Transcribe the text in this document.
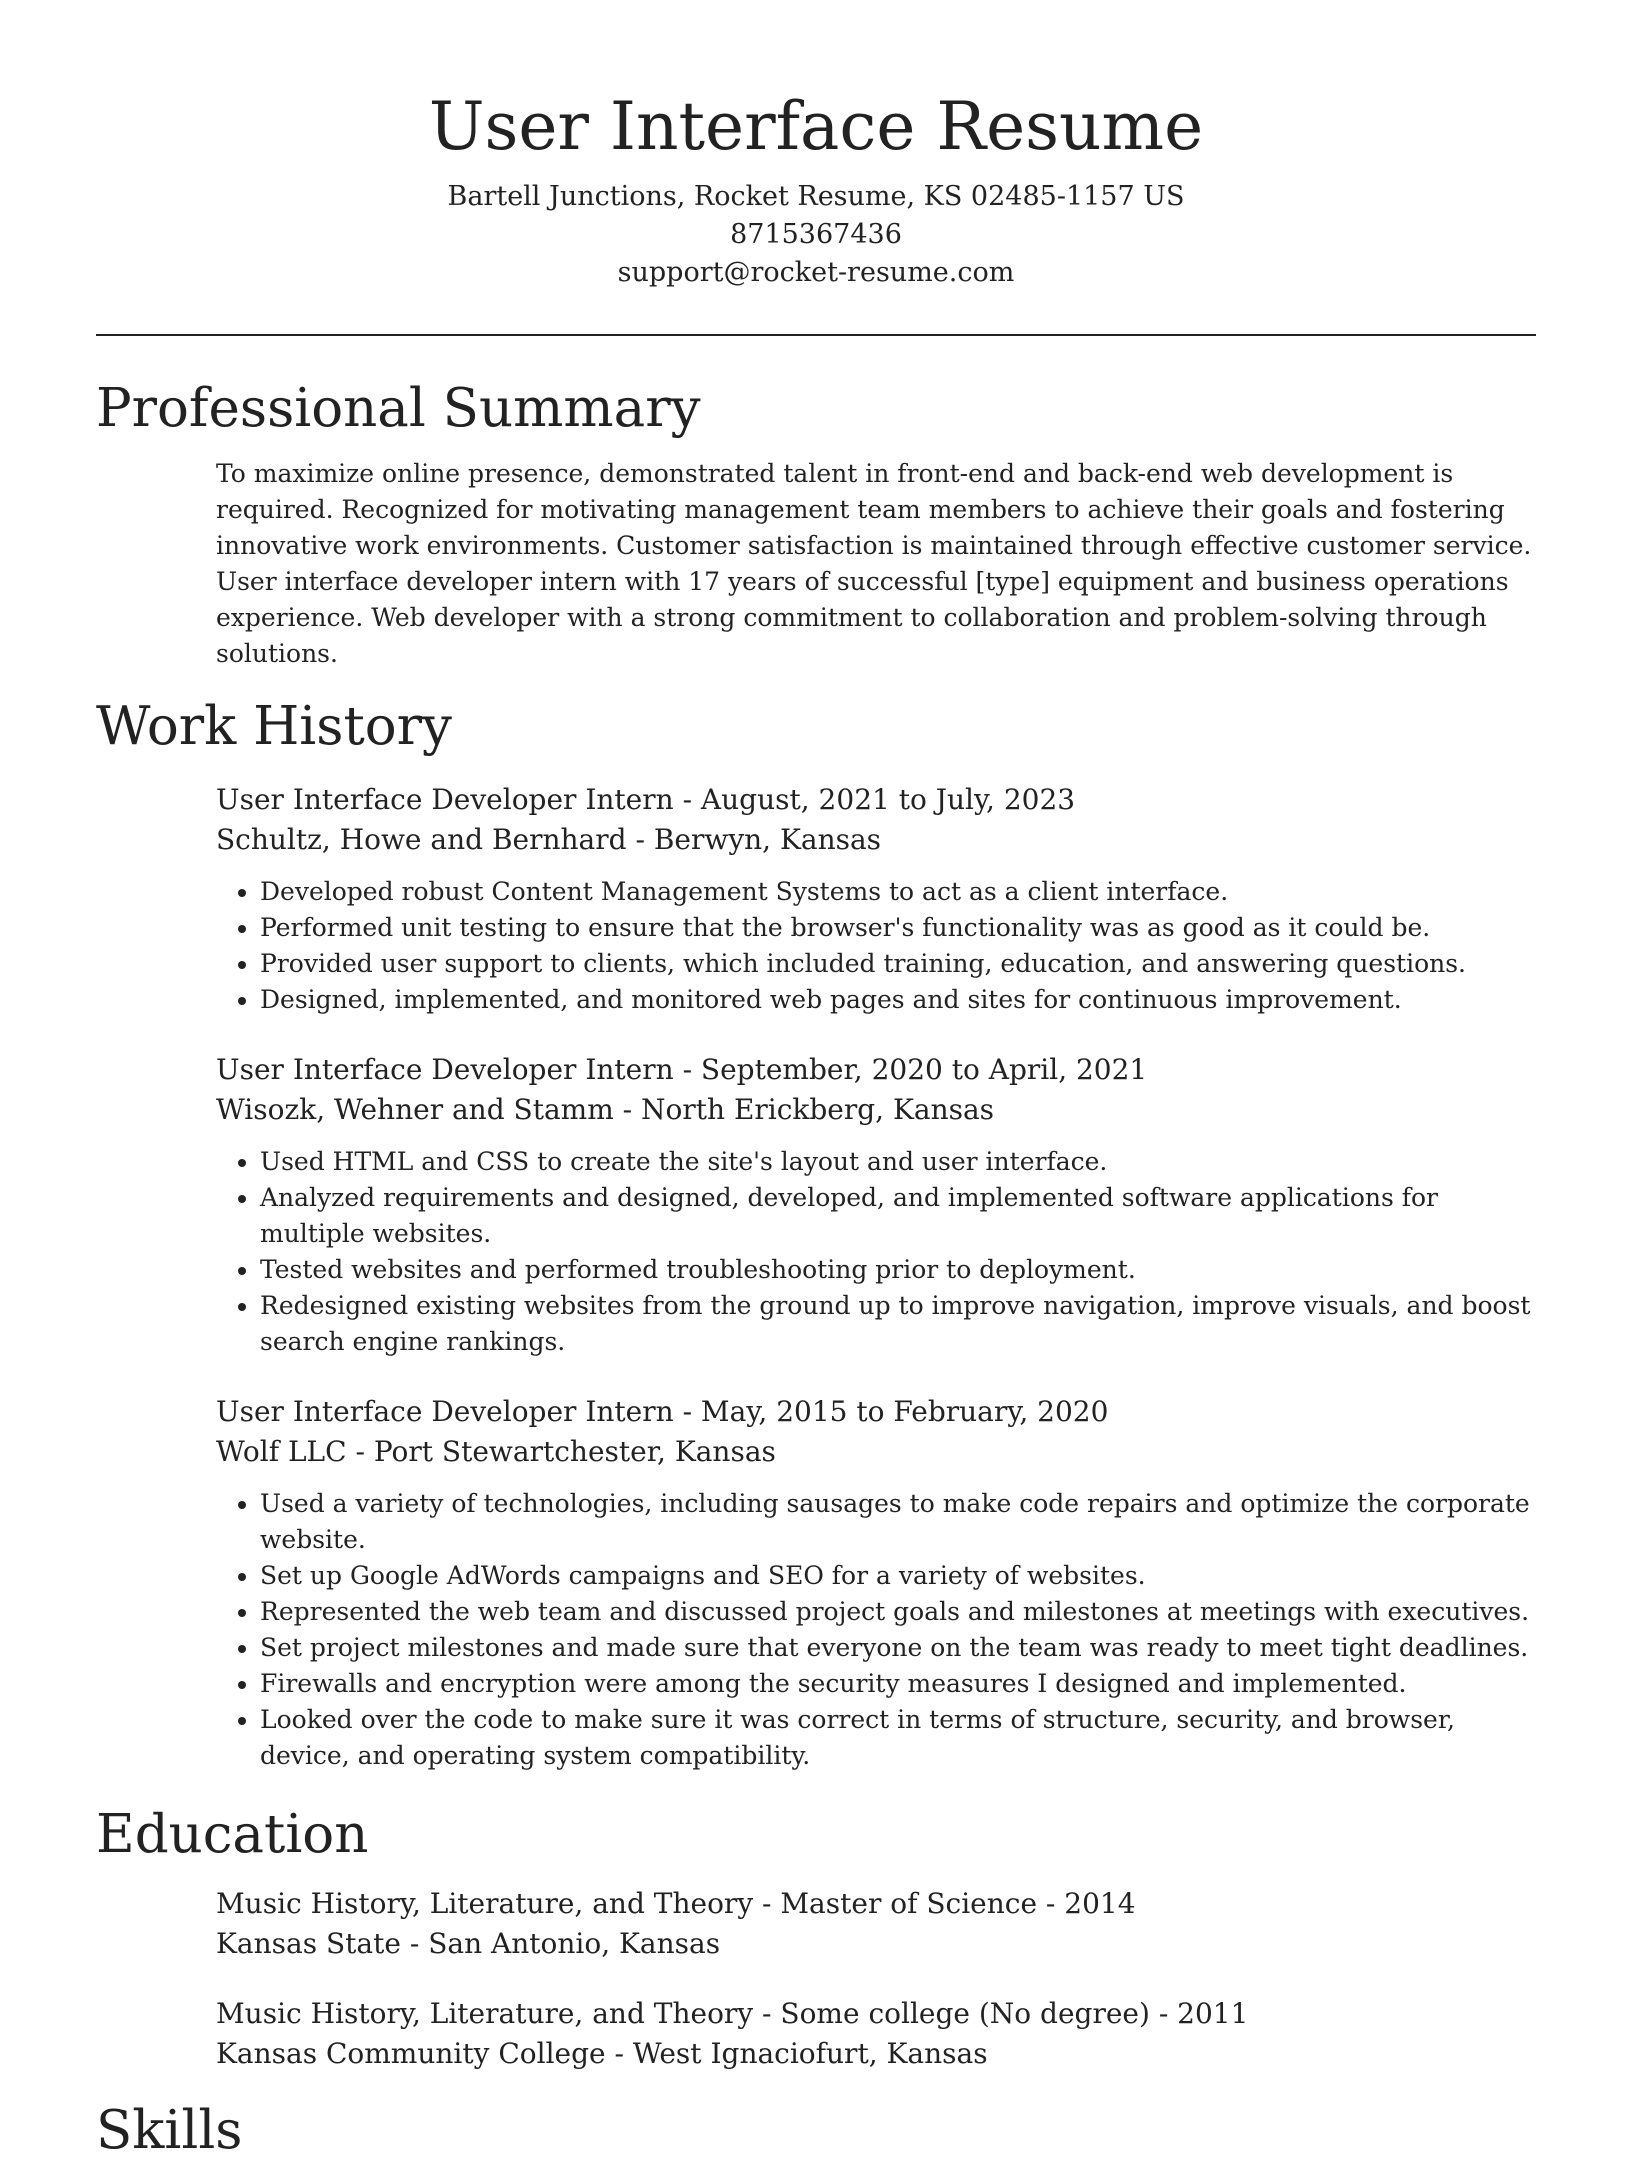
User Interface Resume

Bartell Junctions, Rocket Resume, KS 02485-1157 US

8715367436

support@rocket-resume.com

Professional Summary

To maximize online presence, demonstrated talent in front-end and back-end web development is required. Recognized for motivating management team members to achieve their goals and fostering innovative work environments. Customer satisfaction is maintained through effective customer service. User interface developer intern with 17 years of successful [type] equipment and business operations experience. Web developer with a strong commitment to collaboration and problem-solving through solutions.

Work History

User Interface Developer Intern - August, 2021 to July, 2023

Schultz, Howe and Bernhard - Berwyn, Kansas

• Developed robust Content Management Systems to act as a client interface.
• Performed unit testing to ensure that the browser's functionality was as good as it could be.
• Provided user support to clients, which included training, education, and answering questions.
• Designed, implemented, and monitored web pages and sites for continuous improvement.

User Interface Developer Intern - September, 2020 to April, 2021

Wisozk, Wehner and Stamm - North Erickberg, Kansas

• Used HTML and CSS to create the site's layout and user interface.
• Analyzed requirements and designed, developed, and implemented software applications for multiple websites.
• Tested websites and performed troubleshooting prior to deployment.
• Redesigned existing websites from the ground up to improve navigation, improve visuals, and boost search engine rankings.

User Interface Developer Intern - May, 2015 to February, 2020

Wolf LLC - Port Stewartchester, Kansas

• Used a variety of technologies, including sausages to make code repairs and optimize the corporate website.
• Set up Google AdWords campaigns and SEO for a variety of websites.
• Represented the web team and discussed project goals and milestones at meetings with executives.
• Set project milestones and made sure that everyone on the team was ready to meet tight deadlines.
• Firewalls and encryption were among the security measures I designed and implemented.
• Looked over the code to make sure it was correct in terms of structure, security, and browser, device, and operating system compatibility.
Education

Music History, Literature, and Theory - Master of Science - 2014

Kansas State - San Antonio, Kansas

Music History, Literature, and Theory - Some college (No degree) - 2011

Kansas Community College - West Ignaciofurt, Kansas

Skills
